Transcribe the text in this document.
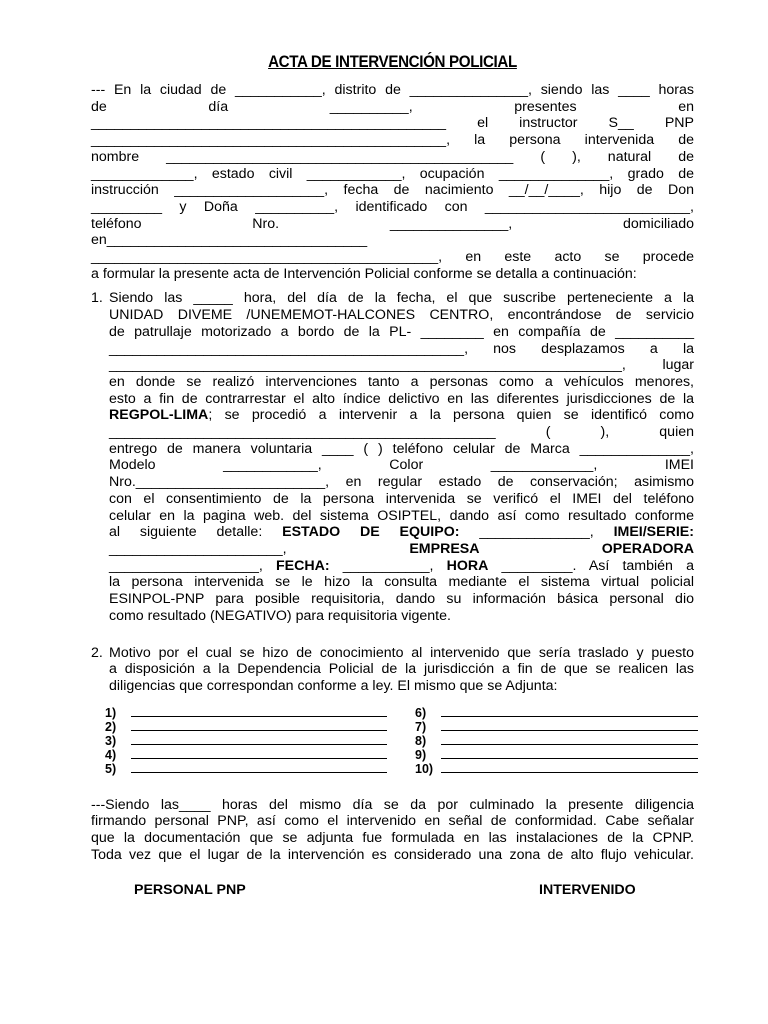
ACTA DE INTERVENCIÓN POLICIAL
--- En la ciudad de ___________, distrito de _______________, siendo las ____ horas
de día __________, presentes en
_____________________________________________ el instructor S__ PNP
_____________________________________________, la persona intervenida de
nombre ____________________________________________ ( ), natural de
_____________, estado civil ____________, ocupación ______________, grado de
instrucción ___________________, fecha de nacimiento __/__/____, hijo de Don
_________ y Doña __________, identificado con __________________________,
teléfono Nro. _______________, domiciliado
en_________________________________
____________________________________________, en este acto se procede
a formular la presente acta de Intervención Policial conforme se detalla a continuación:
1. Siendo las _____ hora, del día de la fecha, el que suscribe perteneciente a la
UNIDAD DIVEME /UNEMEMOT-HALCONES CENTRO, encontrándose de servicio
de patrullaje motorizado a bordo de la PL- ________ en compañía de __________
_____________________________________________, nos desplazamos a la
_________________________________________________________________, lugar
en donde se realizó intervenciones tanto a personas como a vehículos menores,
esto a fin de contrarrestar el alto índice delictivo en las diferentes jurisdicciones de la
REGPOL-LIMA; se procedió a intervenir a la persona quien se identificó como
_________________________________________________ ( ), quien
entrego de manera voluntaria ____ ( ) teléfono celular de Marca ______________,
Modelo ____________, Color _____________, IMEI
Nro.________________________, en regular estado de conservación; asimismo
con el consentimiento de la persona intervenida se verificó el IMEI del teléfono
celular en la pagina web. del sistema OSIPTEL, dando así como resultado conforme
al siguiente detalle: ESTADO DE EQUIPO: ______________, IMEI/SERIE:
______________________, EMPRESA OPERADORA
___________________, FECHA: ___________, HORA _________. Así también a
la persona intervenida se le hizo la consulta mediante el sistema virtual policial
ESINPOL-PNP para posible requisitoria, dando su información básica personal dio
como resultado (NEGATIVO) para requisitoria vigente.
2. Motivo por el cual se hizo de conocimiento al intervenido que sería traslado y puesto
a disposición a la Dependencia Policial de la jurisdicción a fin de que se realicen las
diligencias que correspondan conforme a ley. El mismo que se Adjunta:
1)
2)
3)
4)
5)
6)
7)
8)
9)
10)
---Siendo las____ horas del mismo día se da por culminado la presente diligencia
firmando personal PNP, así como el intervenido en señal de conformidad. Cabe señalar
que la documentación que se adjunta fue formulada en las instalaciones de la CPNP.
Toda vez que el lugar de la intervención es considerado una zona de alto flujo vehicular.
PERSONAL PNP	INTERVENIDO
